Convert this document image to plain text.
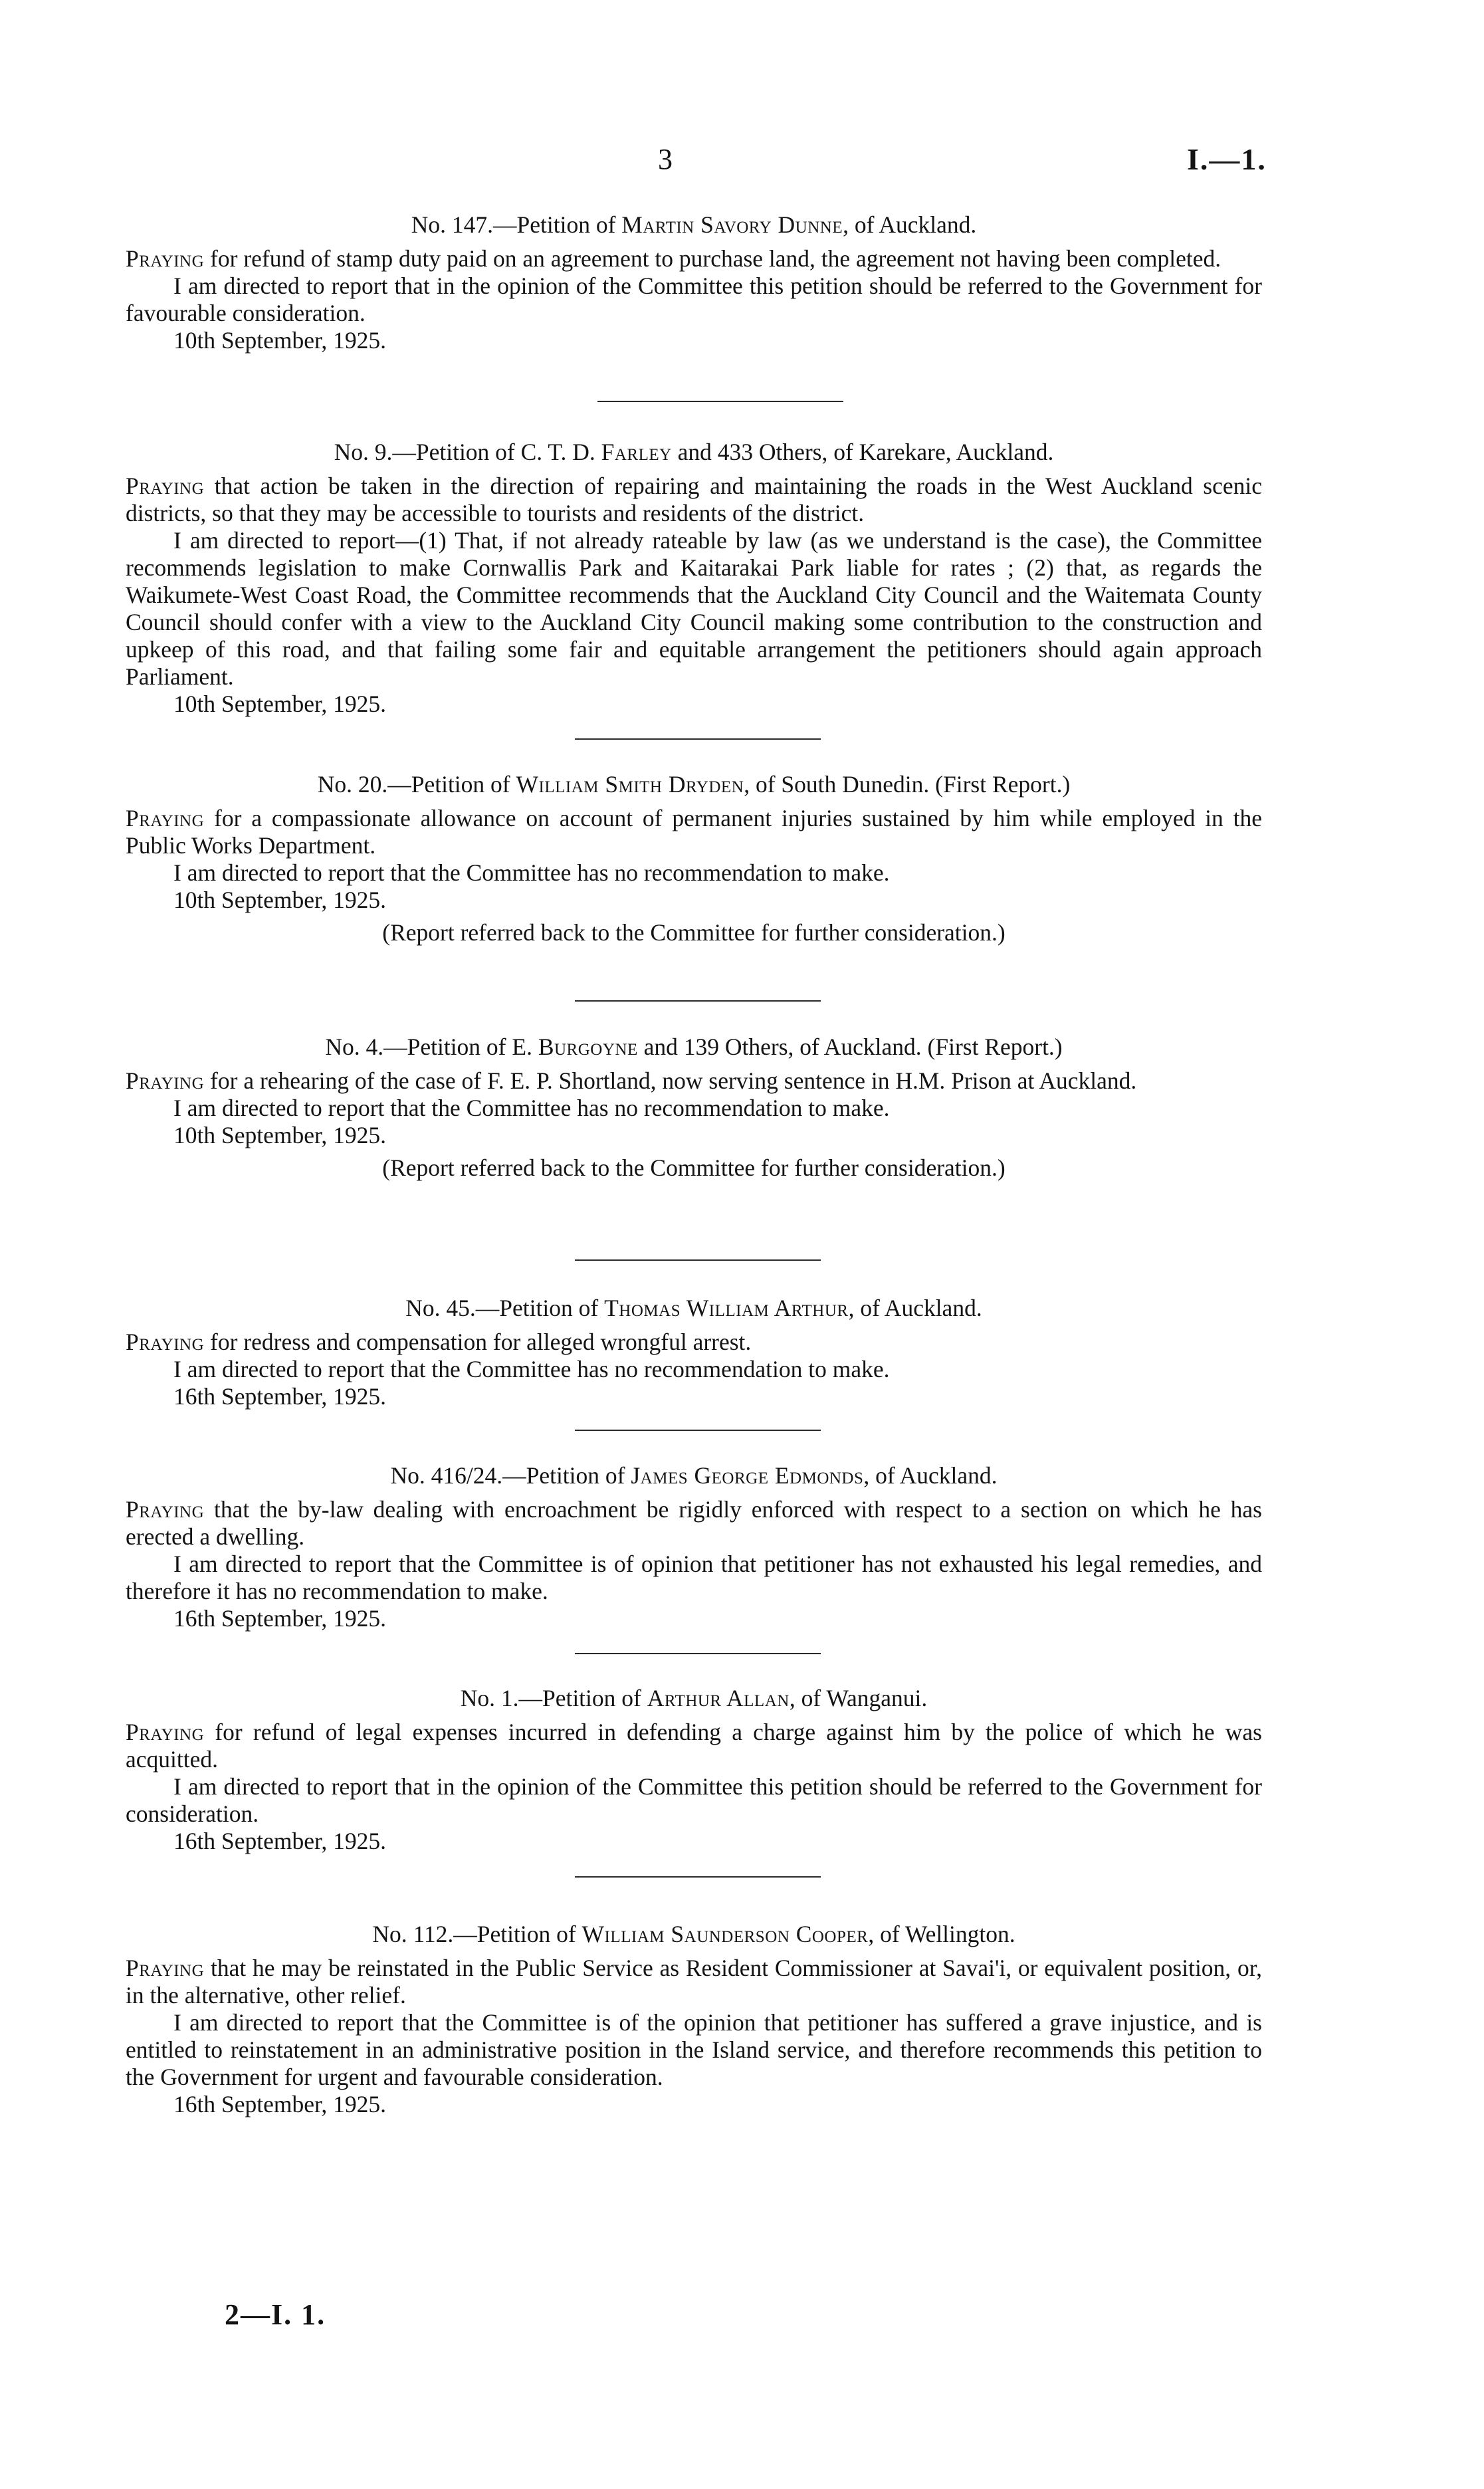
3	I.—1.
No. 147.—Petition of Martin Savory Dunne, of Auckland.

Praying for refund of stamp duty paid on an agreement to purchase land, the agreement not having been completed.

I am directed to report that in the opinion of the Committee this petition should be referred to the Government for favourable consideration.

10th September, 1925.
No. 9.—Petition of C. T. D. Farley and 433 Others, of Karekare, Auckland.

Praying that action be taken in the direction of repairing and maintaining the roads in the West Auckland scenic districts, so that they may be accessible to tourists and residents of the district.

I am directed to report—(1) That, if not already rateable by law (as we understand is the case), the Committee recommends legislation to make Cornwallis Park and Kaitarakai Park liable for rates ; (2) that, as regards the Waikumete-West Coast Road, the Committee recommends that the Auckland City Council and the Waitemata County Council should confer with a view to the Auckland City Council making some contribution to the construction and upkeep of this road, and that failing some fair and equitable arrangement the petitioners should again approach Parliament.

10th September, 1925.
No. 20.—Petition of William Smith Dryden, of South Dunedin. (First Report.)

Praying for a compassionate allowance on account of permanent injuries sustained by him while employed in the Public Works Department.

I am directed to report that the Committee has no recommendation to make.

10th September, 1925.
(Report referred back to the Committee for further consideration.)
No. 4.—Petition of E. Burgoyne and 139 Others, of Auckland. (First Report.)

Praying for a rehearing of the case of F. E. P. Shortland, now serving sentence in H.M. Prison at Auckland.

I am directed to report that the Committee has no recommendation to make.

10th September, 1925.
(Report referred back to the Committee for further consideration.)
No. 45.—Petition of Thomas William Arthur, of Auckland.

Praying for redress and compensation for alleged wrongful arrest.

I am directed to report that the Committee has no recommendation to make.

16th September, 1925.
No. 416/24.—Petition of James George Edmonds, of Auckland.

Praying that the by-law dealing with encroachment be rigidly enforced with respect to a section on which he has erected a dwelling.

I am directed to report that the Committee is of opinion that petitioner has not exhausted his legal remedies, and therefore it has no recommendation to make.

16th September, 1925.
No. 1.—Petition of Arthur Allan, of Wanganui.

Praying for refund of legal expenses incurred in defending a charge against him by the police of which he was acquitted.

I am directed to report that in the opinion of the Committee this petition should be referred to the Government for consideration.

16th September, 1925.
No. 112.—Petition of William Saunderson Cooper, of Wellington.

Praying that he may be reinstated in the Public Service as Resident Commissioner at Savai'i, or equivalent position, or, in the alternative, other relief.

I am directed to report that the Committee is of the opinion that petitioner has suffered a grave injustice, and is entitled to reinstatement in an administrative position in the Island service, and therefore recommends this petition to the Government for urgent and favourable consideration.

16th September, 1925.
2—I. 1.
